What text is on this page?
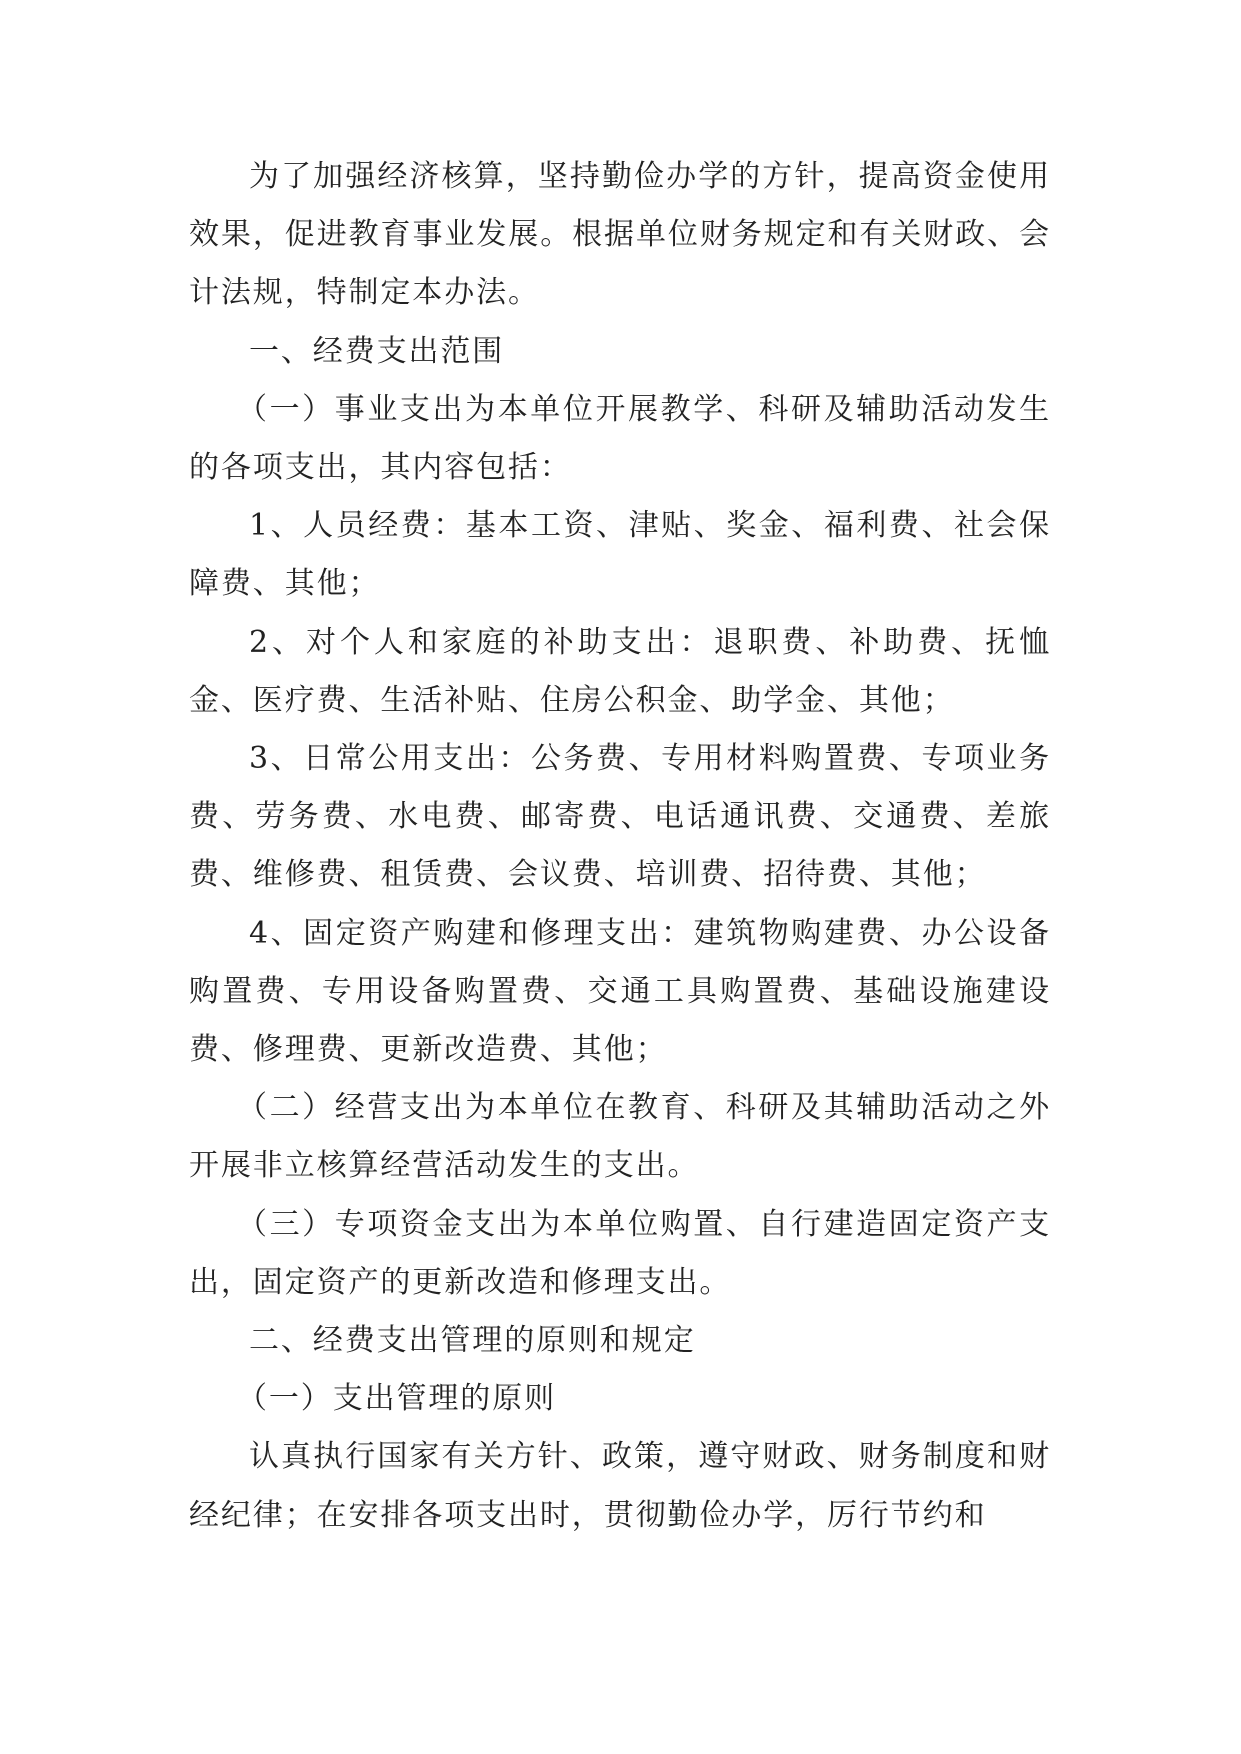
为了加强经济核算，坚持勤俭办学的方针，提高资金使用效果，促进教育事业发展。根据单位财务规定和有关财政、会计法规，特制定本办法。

一、经费支出范围

（一）事业支出为本单位开展教学、科研及辅助活动发生的各项支出，其内容包括：

1、人员经费：基本工资、津贴、奖金、福利费、社会保障费、其他；

2、对个人和家庭的补助支出：退职费、补助费、抚恤金、医疗费、生活补贴、住房公积金、助学金、其他；

3、日常公用支出：公务费、专用材料购置费、专项业务费、劳务费、水电费、邮寄费、电话通讯费、交通费、差旅费、维修费、租赁费、会议费、培训费、招待费、其他；

4、固定资产购建和修理支出：建筑物购建费、办公设备购置费、专用设备购置费、交通工具购置费、基础设施建设费、修理费、更新改造费、其他；

（二）经营支出为本单位在教育、科研及其辅助活动之外开展非立核算经营活动发生的支出。

（三）专项资金支出为本单位购置、自行建造固定资产支出，固定资产的更新改造和修理支出。

二、经费支出管理的原则和规定

（一）支出管理的原则

认真执行国家有关方针、政策，遵守财政、财务制度和财经纪律；在安排各项支出时，贯彻勤俭办学，厉行节约和
